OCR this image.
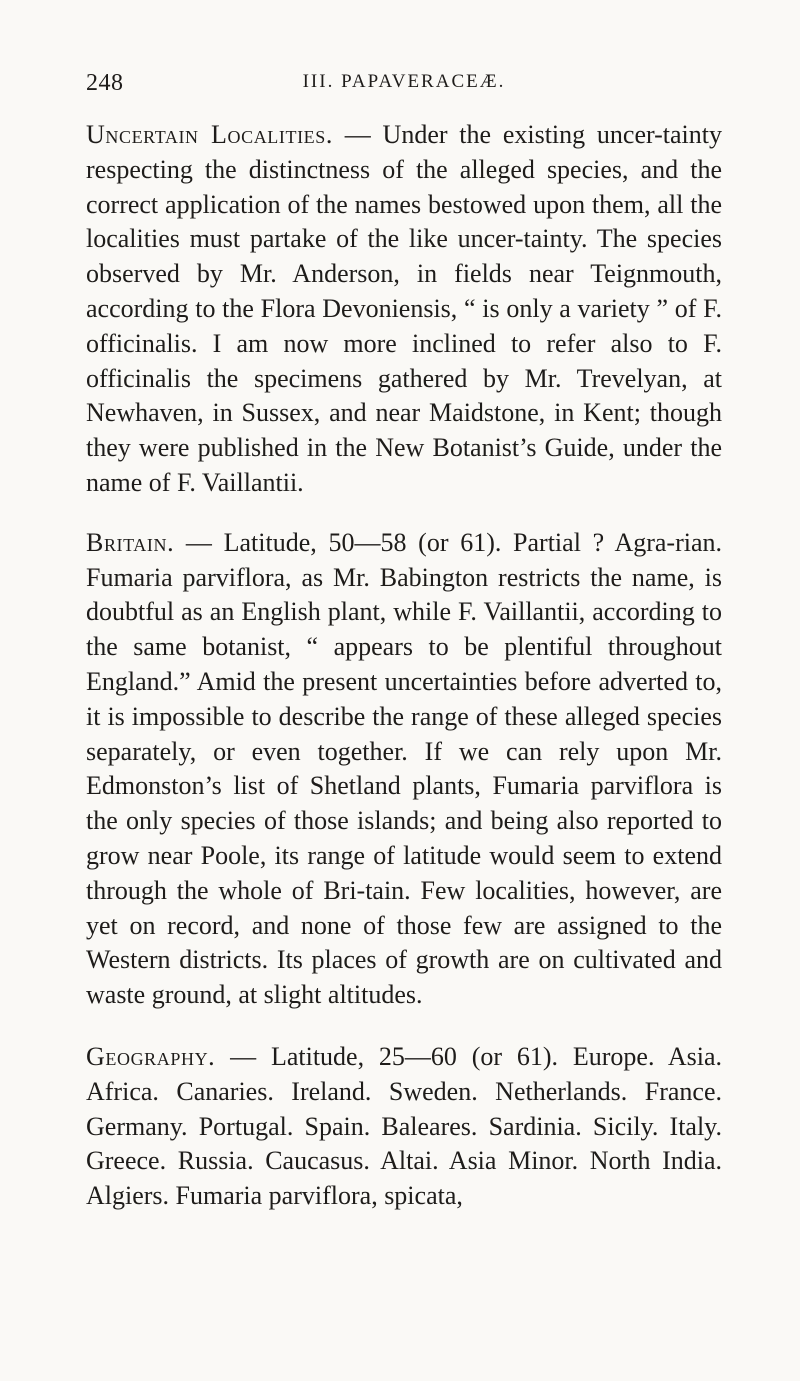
248	III. PAPAVERACEÆ.

Uncertain Localities. — Under the existing uncer-tainty respecting the distinctness of the alleged species, and the correct application of the names bestowed upon them, all the localities must partake of the like uncer-tainty. The species observed by Mr. Anderson, in fields near Teignmouth, according to the Flora Devoniensis, “ is only a variety ” of F. officinalis. I am now more inclined to refer also to F. officinalis the specimens gathered by Mr. Trevelyan, at Newhaven, in Sussex, and near Maidstone, in Kent; though they were published in the New Botanist’s Guide, under the name of F. Vaillantii.

Britain. — Latitude, 50—58 (or 61). Partial ? Agra-rian. Fumaria parviflora, as Mr. Babington restricts the name, is doubtful as an English plant, while F. Vaillantii, according to the same botanist, “ appears to be plentiful throughout England.” Amid the present uncertainties before adverted to, it is impossible to describe the range of these alleged species separately, or even together. If we can rely upon Mr. Edmonston’s list of Shetland plants, Fumaria parviflora is the only species of those islands; and being also reported to grow near Poole, its range of latitude would seem to extend through the whole of Bri-tain. Few localities, however, are yet on record, and none of those few are assigned to the Western districts. Its places of growth are on cultivated and waste ground, at slight altitudes.

Geography. — Latitude, 25—60 (or 61). Europe. Asia. Africa. Canaries. Ireland. Sweden. Netherlands. France. Germany. Portugal. Spain. Baleares. Sardinia. Sicily. Italy. Greece. Russia. Caucasus. Altai. Asia Minor. North India. Algiers. Fumaria parviflora, spicata,
